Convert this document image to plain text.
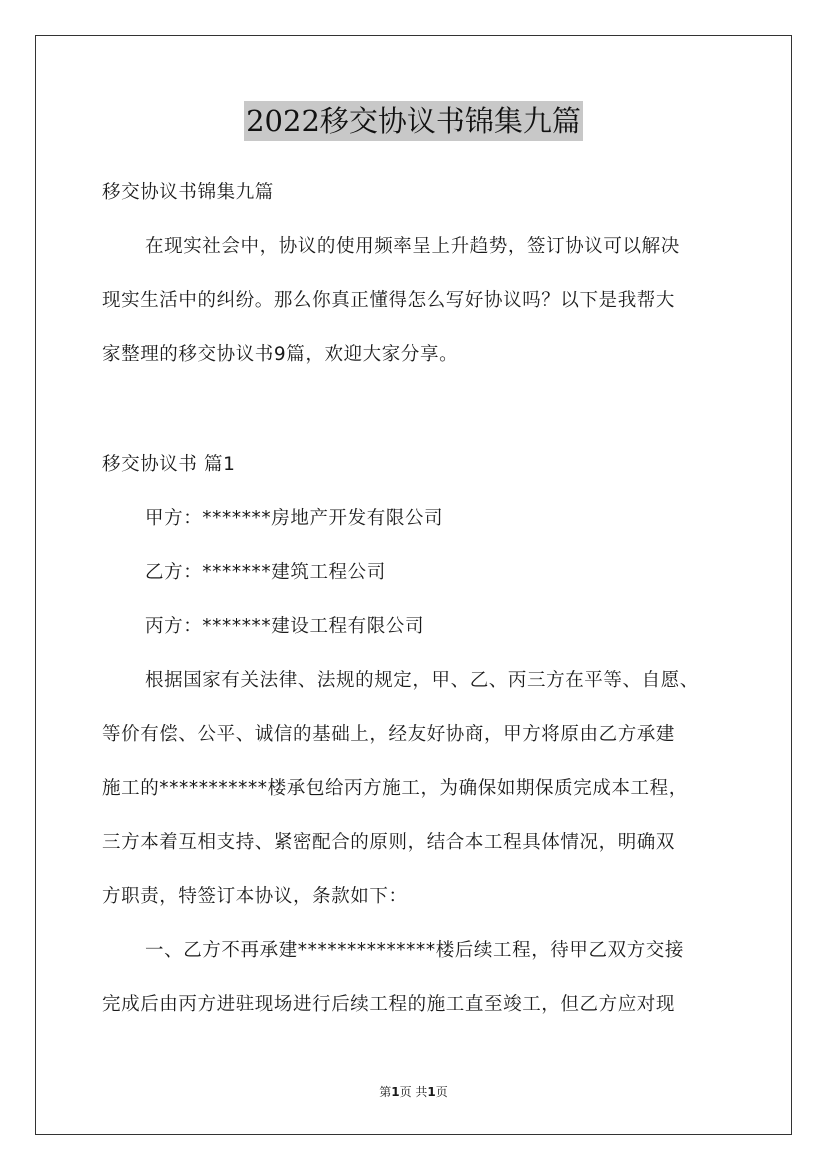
2022移交协议书锦集九篇
移交协议书锦集九篇
在现实社会中，协议的使用频率呈上升趋势，签订协议可以解决
现实生活中的纠纷。那么你真正懂得怎么写好协议吗？以下是我帮大
家整理的移交协议书9篇，欢迎大家分享。
移交协议书 篇1
甲方：*******房地产开发有限公司
乙方：*******建筑工程公司
丙方：*******建设工程有限公司
根据国家有关法律、法规的规定，甲、乙、丙三方在平等、自愿、
等价有偿、公平、诚信的基础上，经友好协商，甲方将原由乙方承建
施工的***********楼承包给丙方施工，为确保如期保质完成本工程，
三方本着互相支持、紧密配合的原则，结合本工程具体情况，明确双
方职责，特签订本协议，条款如下：
一、乙方不再承建**************楼后续工程，待甲乙双方交接
完成后由丙方进驻现场进行后续工程的施工直至竣工，但乙方应对现
第1页 共1页
